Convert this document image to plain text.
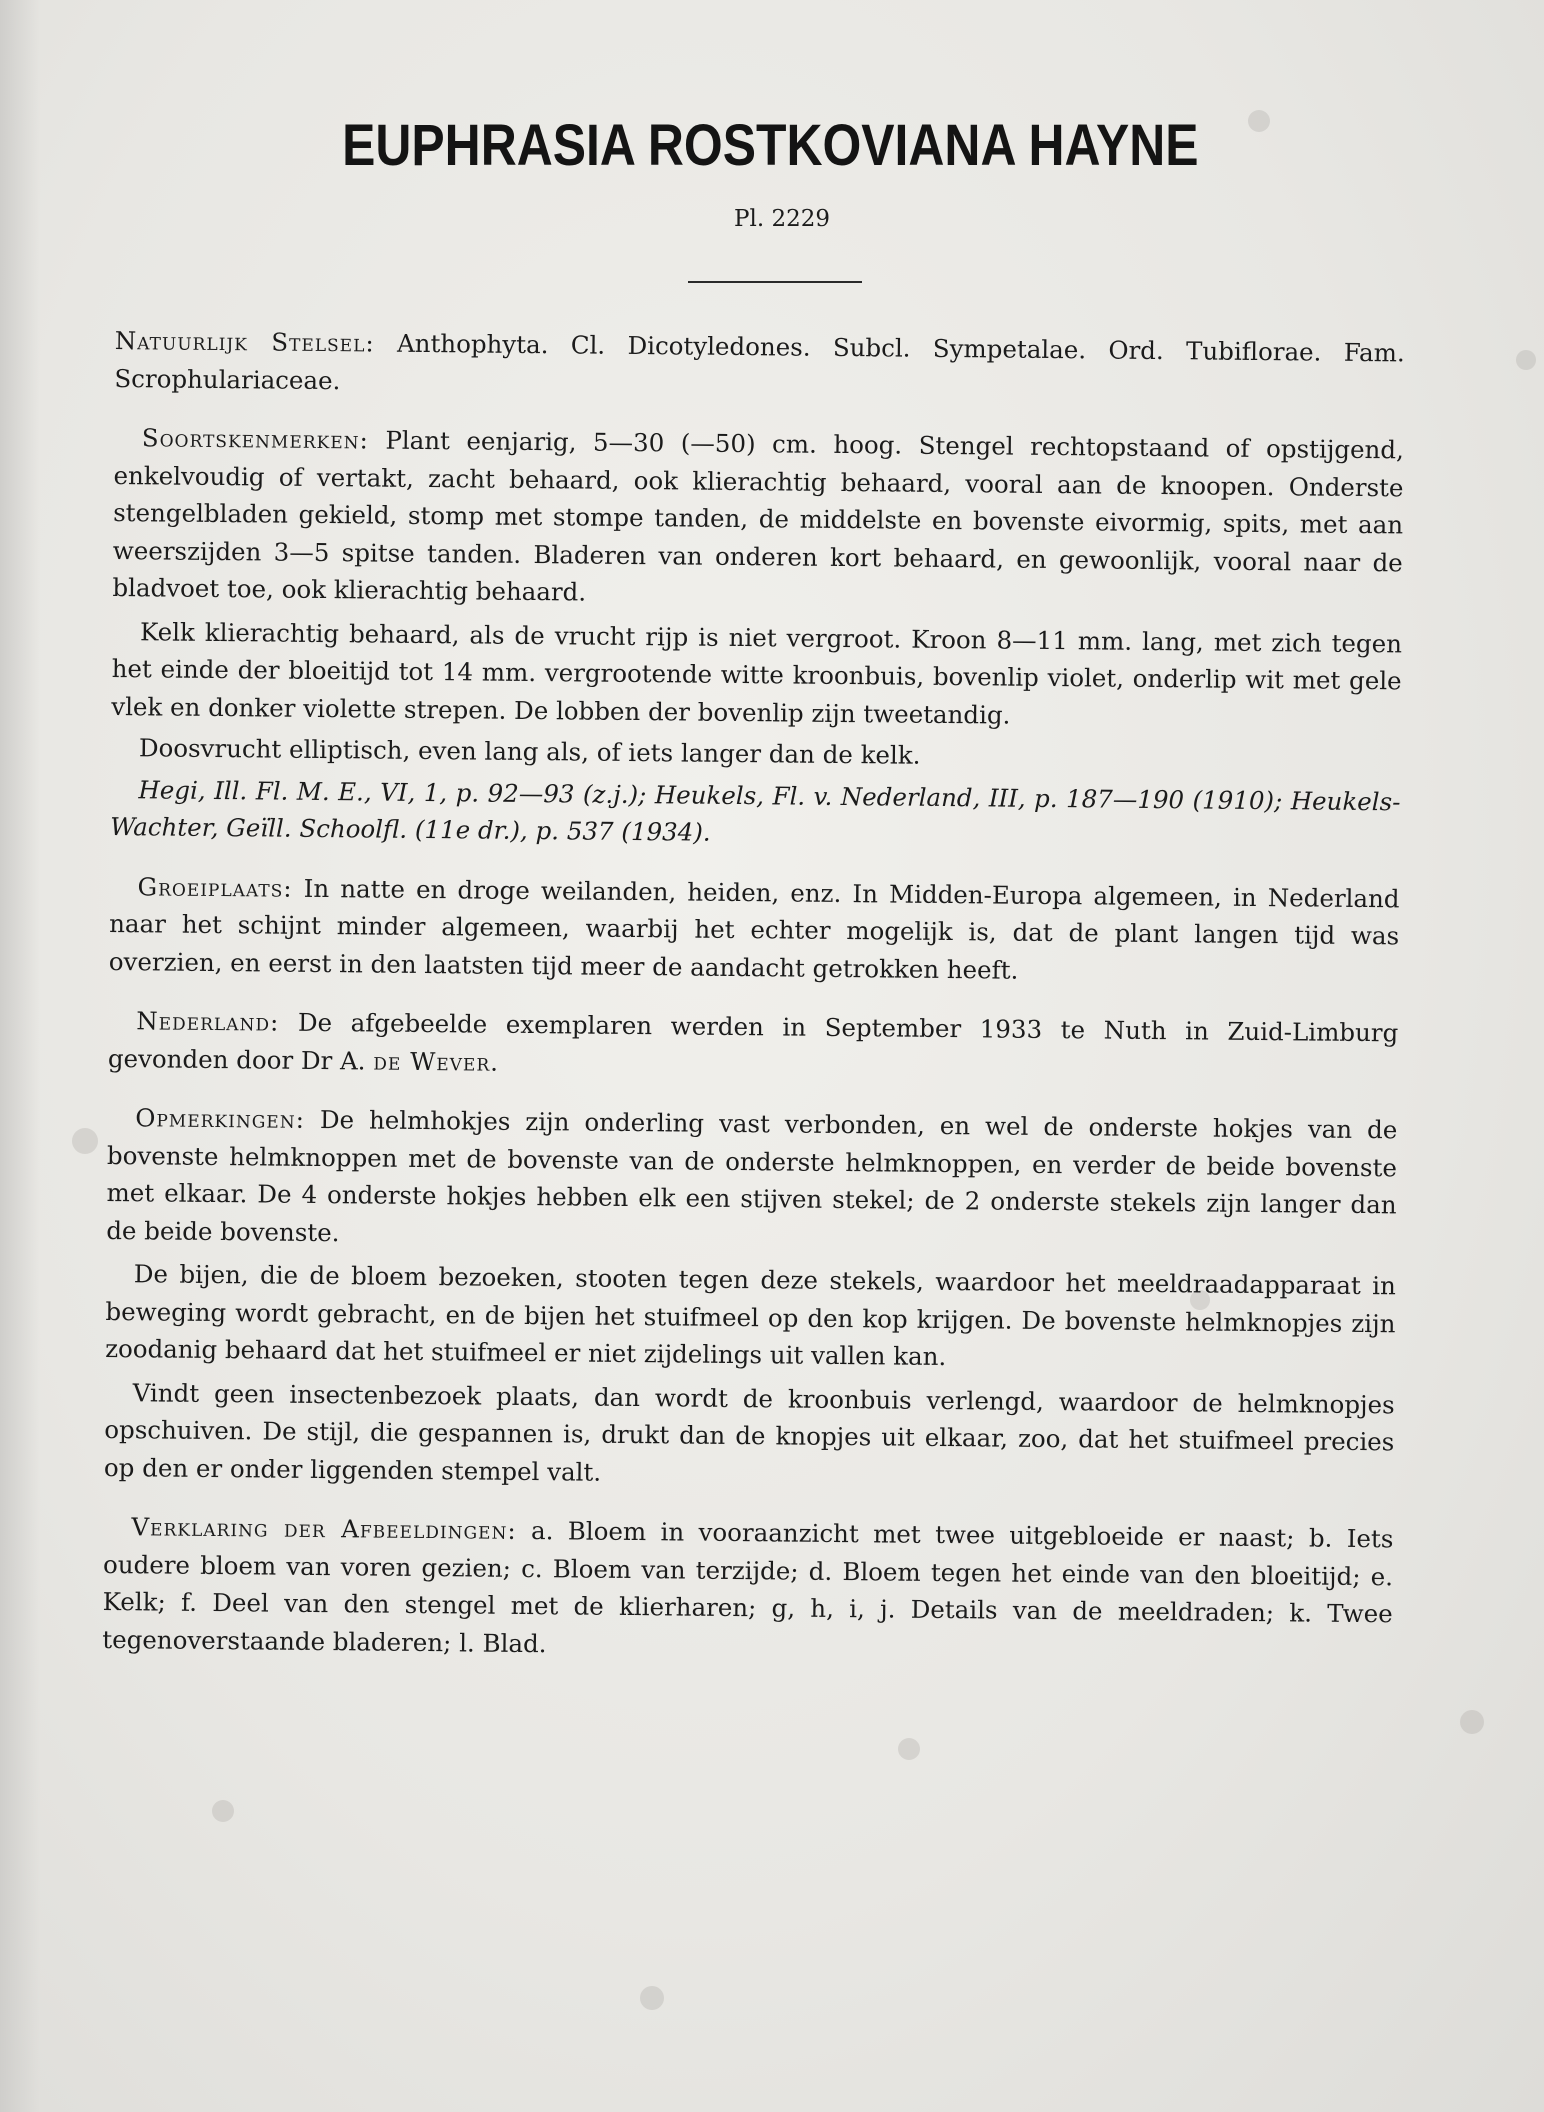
EUPHRASIA ROSTKOVIANA HAYNE
Pl. 2229

Natuurlijk Stelsel: Anthophyta. Cl. Dicotyledones. Subcl. Sympetalae. Ord. Tubiflorae. Fam. Scrophulariaceae.

Soortskenmerken: Plant eenjarig, 5—30 (—50) cm. hoog. Stengel rechtopstaand of opstijgend, enkelvoudig of vertakt, zacht behaard, ook klierachtig behaard, vooral aan de knoopen. Onderste stengelbladen gekield, stomp met stompe tanden, de middelste en bovenste eivormig, spits, met aan weerszijden 3—5 spitse tanden. Bladeren van onderen kort behaard, en gewoonlijk, vooral naar de bladvoet toe, ook klierachtig behaard.

Kelk klierachtig behaard, als de vrucht rijp is niet vergroot. Kroon 8—11 mm. lang, met zich tegen het einde der bloeitijd tot 14 mm. vergrootende witte kroonbuis, bovenlip violet, onderlip wit met gele vlek en donker violette strepen. De lobben der bovenlip zijn tweetandig.

Doosvrucht elliptisch, even lang als, of iets langer dan de kelk.

Hegi, Ill. Fl. M. E., VI, 1, p. 92—93 (z.j.); Heukels, Fl. v. Nederland, III, p. 187—190 (1910); Heukels-Wachter, Geïll. Schoolfl. (11e dr.), p. 537 (1934).

Groeiplaats: In natte en droge weilanden, heiden, enz. In Midden-Europa algemeen, in Nederland naar het schijnt minder algemeen, waarbij het echter mogelijk is, dat de plant langen tijd was overzien, en eerst in den laatsten tijd meer de aandacht getrokken heeft.

Nederland: De afgebeelde exemplaren werden in September 1933 te Nuth in Zuid-Limburg gevonden door Dr A. de Wever.

Opmerkingen: De helmhokjes zijn onderling vast verbonden, en wel de onderste hokjes van de bovenste helmknoppen met de bovenste van de onderste helmknoppen, en verder de beide bovenste met elkaar. De 4 onderste hokjes hebben elk een stijven stekel; de 2 onderste stekels zijn langer dan de beide bovenste.

De bijen, die de bloem bezoeken, stooten tegen deze stekels, waardoor het meeldraadapparaat in beweging wordt gebracht, en de bijen het stuifmeel op den kop krijgen. De bovenste helmknopjes zijn zoodanig behaard dat het stuifmeel er niet zijdelings uit vallen kan.

Vindt geen insectenbezoek plaats, dan wordt de kroonbuis verlengd, waardoor de helmknopjes opschuiven. De stijl, die gespannen is, drukt dan de knopjes uit elkaar, zoo, dat het stuifmeel precies op den er onder liggenden stempel valt.

Verklaring der Afbeeldingen: a. Bloem in vooraanzicht met twee uitgebloeide er naast; b. Iets oudere bloem van voren gezien; c. Bloem van terzijde; d. Bloem tegen het einde van den bloeitijd; e. Kelk; f. Deel van den stengel met de klierharen; g, h, i, j. Details van de meeldraden; k. Twee tegenoverstaande bladeren; l. Blad.
